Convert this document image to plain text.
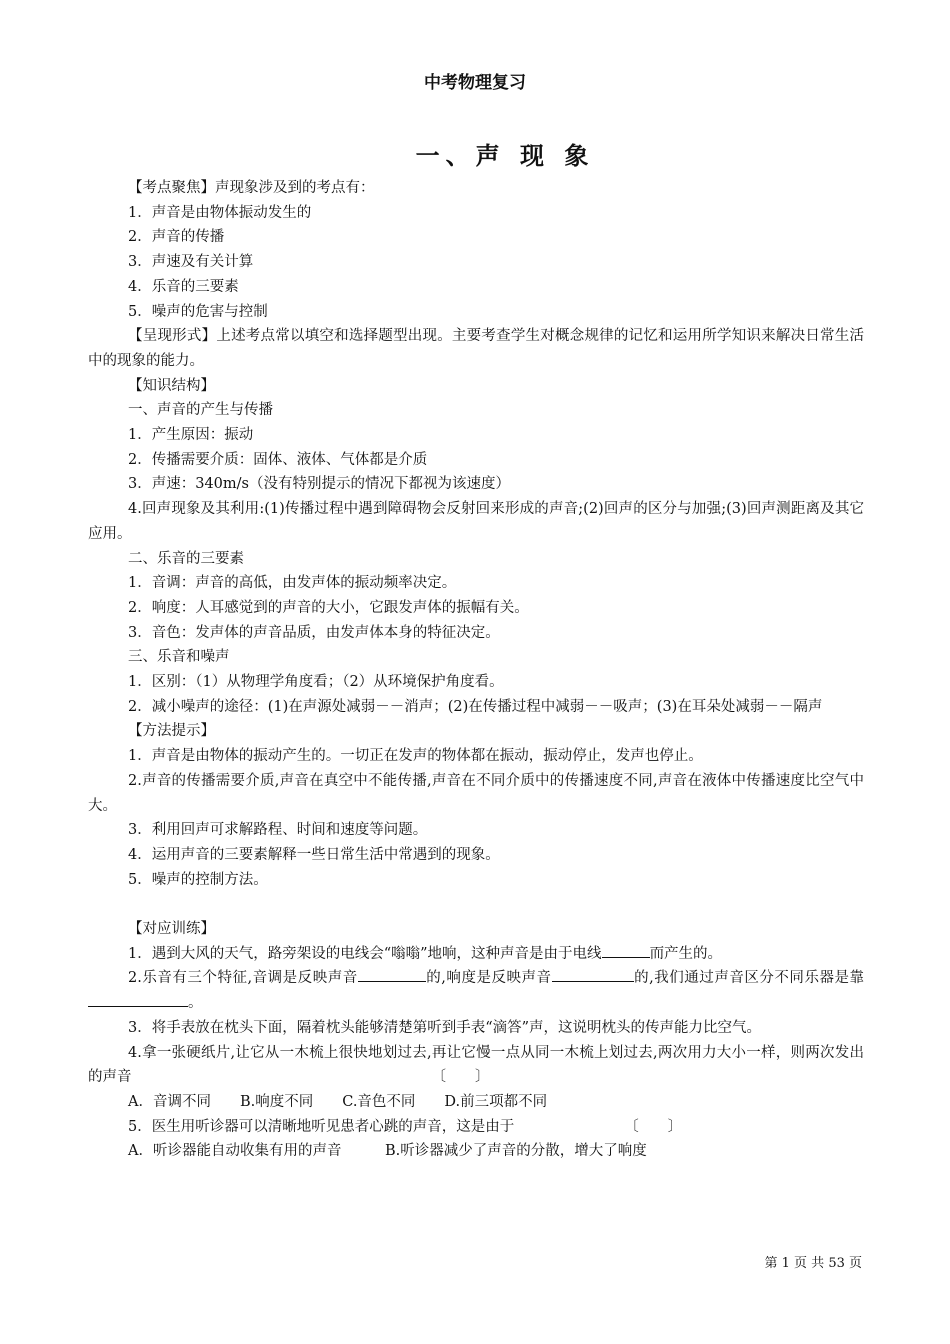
中考物理复习
一、声 现 象

【考点聚焦】声现象涉及到的考点有：

1．声音是由物体振动发生的

2．声音的传播

3．声速及有关计算

4．乐音的三要素

5．噪声的危害与控制

【呈现形式】上述考点常以填空和选择题型出现。主要考查学生对概念规律的记忆和运用所学知识来解决日常生活中的现象的能力。

【知识结构】

一、声音的产生与传播

1．产生原因：振动

2．传播需要介质：固体、液体、气体都是介质

3．声速：340m/s（没有特别提示的情况下都视为该速度）

4.回声现象及其利用:(1)传播过程中遇到障碍物会反射回来形成的声音;(2)回声的区分与加强;(3)回声测距离及其它应用。

二、乐音的三要素

1．音调：声音的高低，由发声体的振动频率决定。

2．响度：人耳感觉到的声音的大小，它跟发声体的振幅有关。

3．音色：发声体的声音品质，由发声体本身的特征决定。

三、乐音和噪声

1．区别：（1）从物理学角度看；（2）从环境保护角度看。

2．减小噪声的途径：(1)在声源处减弱－－消声；(2)在传播过程中减弱－－吸声；(3)在耳朵处减弱－－隔声

【方法提示】

1．声音是由物体的振动产生的。一切正在发声的物体都在振动，振动停止，发声也停止。

2.声音的传播需要介质,声音在真空中不能传播,声音在不同介质中的传播速度不同,声音在液体中传播速度比空气中大。

3．利用回声可求解路程、时间和速度等问题。

4．运用声音的三要素解释一些日常生活中常遇到的现象。

5．噪声的控制方法。

【对应训练】

1．遇到大风的天气，路旁架设的电线会“嗡嗡”地响，这种声音是由于电线	而产生的。

2.乐音有三个特征,音调是反映声音	的,响度是反映声音	的,我们通过声音区分不同乐器是靠。

3．将手表放在枕头下面，隔着枕头能够清楚第听到手表“滴答”声，这说明枕头的传声能力比空气。

4.拿一张硬纸片,让它从一木梳上很快地划过去,再让它慢一点从同一木梳上划过去,两次用力大小一样，则两次发出的声音	〔　　〕

A．音调不同　　B.响度不同　　C.音色不同　　D.前三项都不同

5．医生用听诊器可以清晰地听见患者心跳的声音，这是由于	〔　　〕

A．听诊器能自动收集有用的声音　　　B.听诊器减少了声音的分散，增大了响度

第 1 页 共 53 页
